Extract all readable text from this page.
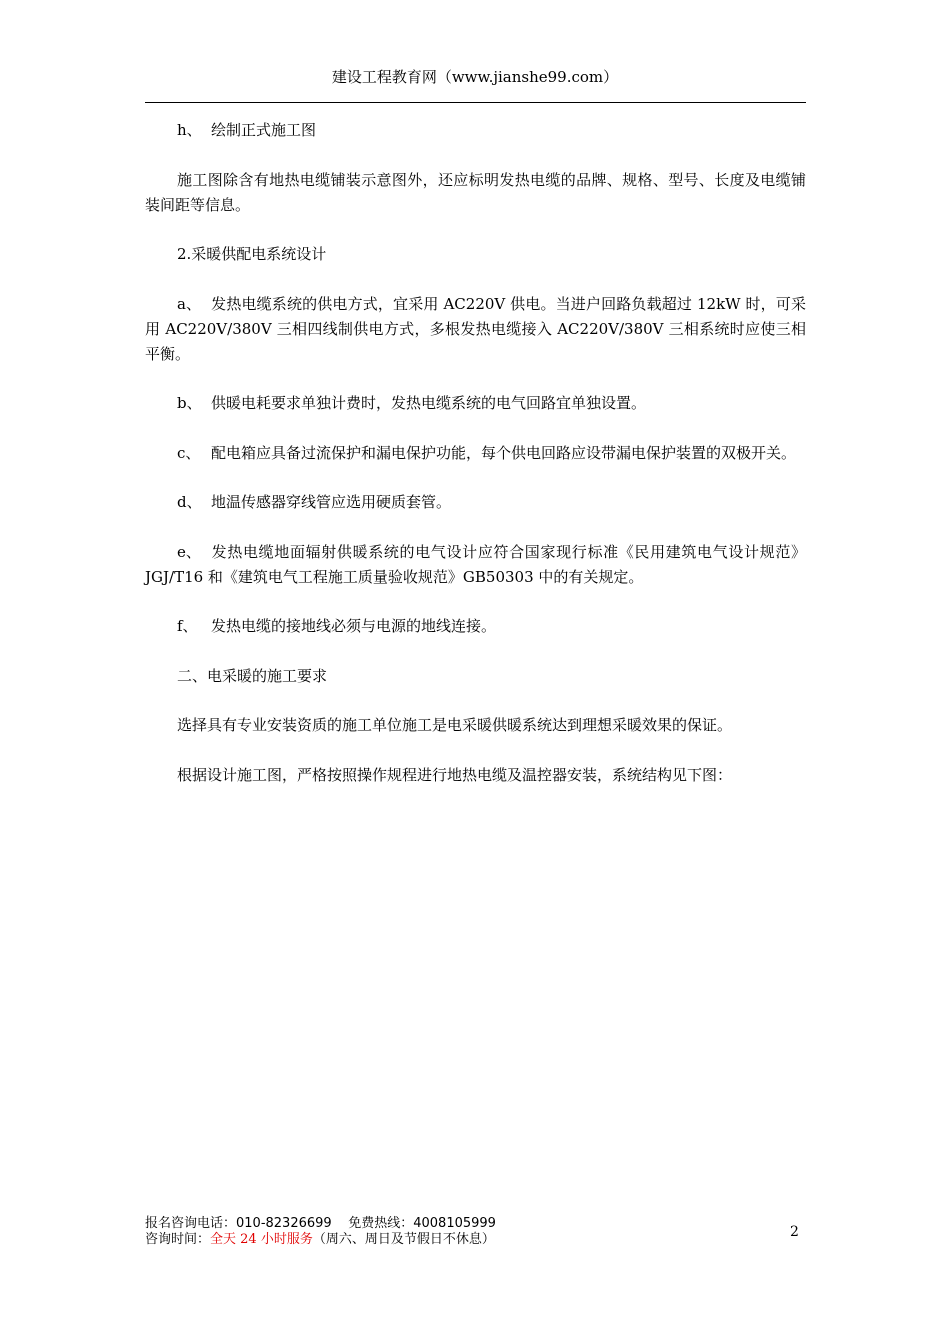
建设工程教育网（www.jianshe99.com）

h、 绘制正式施工图

施工图除含有地热电缆铺装示意图外，还应标明发热电缆的品牌、规格、型号、长度及电缆铺装间距等信息。

2.采暖供配电系统设计

a、 发热电缆系统的供电方式，宜采用 AC220V 供电。当进户回路负载超过 12kW 时，可采用 AC220V/380V 三相四线制供电方式，多根发热电缆接入 AC220V/380V 三相系统时应使三相平衡。

b、 供暖电耗要求单独计费时，发热电缆系统的电气回路宜单独设置。

c、 配电箱应具备过流保护和漏电保护功能，每个供电回路应设带漏电保护装置的双极开关。

d、 地温传感器穿线管应选用硬质套管。

e、 发热电缆地面辐射供暖系统的电气设计应符合国家现行标准《民用建筑电气设计规范》JGJ/T16 和《建筑电气工程施工质量验收规范》GB50303 中的有关规定。

f、 发热电缆的接地线必须与电源的地线连接。

二、电采暖的施工要求

选择具有专业安装资质的施工单位施工是电采暖供暖系统达到理想采暖效果的保证。

根据设计施工图，严格按照操作规程进行地热电缆及温控器安装，系统结构见下图：

报名咨询电话：010-82326699 免费热线：4008105999
咨询时间：全天 24 小时服务（周六、周日及节假日不休息）	2
